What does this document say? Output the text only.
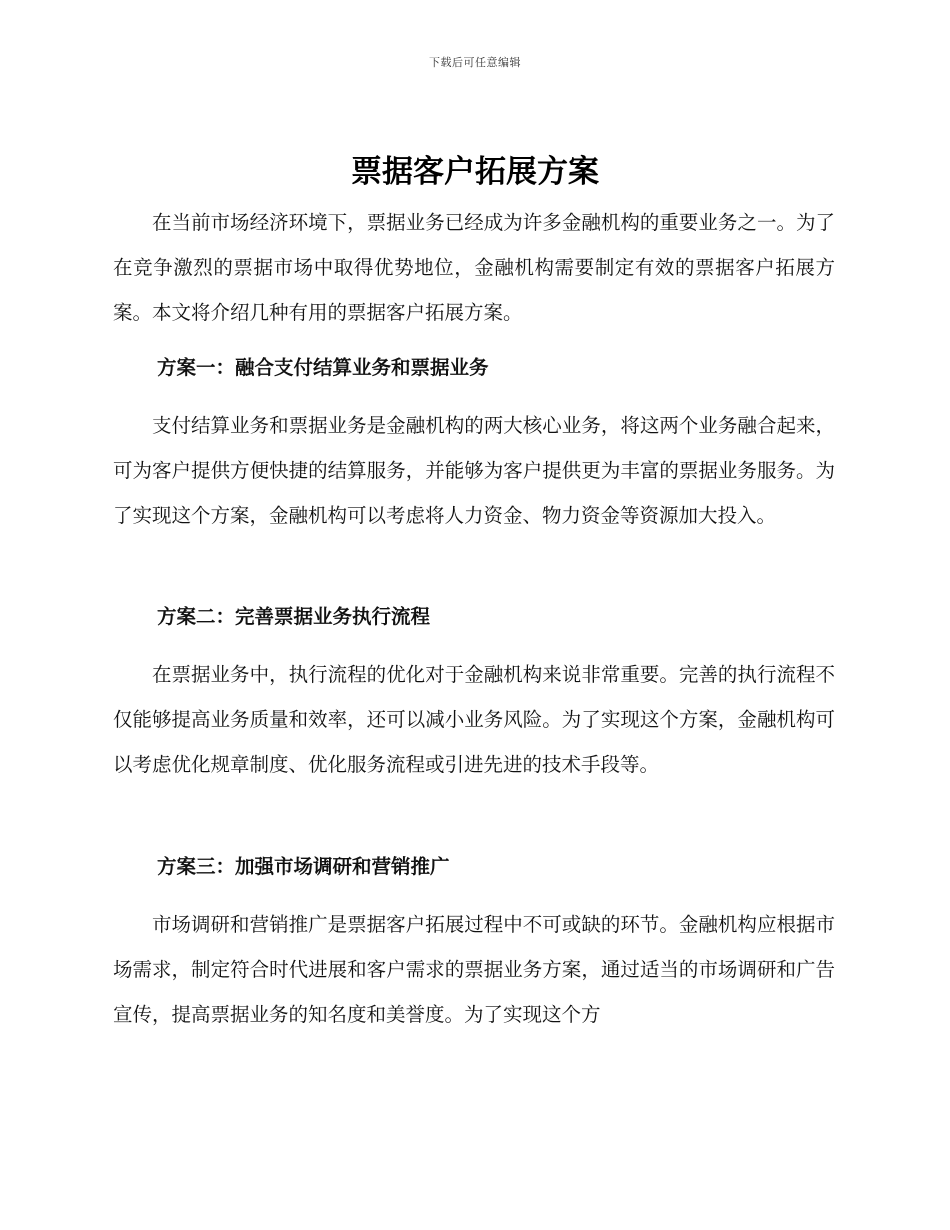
下载后可任意编辑
票据客户拓展方案

在当前市场经济环境下，票据业务已经成为许多金融机构的重要业务之一。为了在竞争激烈的票据市场中取得优势地位，金融机构需要制定有效的票据客户拓展方案。本文将介绍几种有用的票据客户拓展方案。

方案一：融合支付结算业务和票据业务

支付结算业务和票据业务是金融机构的两大核心业务，将这两个业务融合起来，可为客户提供方便快捷的结算服务，并能够为客户提供更为丰富的票据业务服务。为了实现这个方案，金融机构可以考虑将人力资金、物力资金等资源加大投入。

方案二：完善票据业务执行流程

在票据业务中，执行流程的优化对于金融机构来说非常重要。完善的执行流程不仅能够提高业务质量和效率，还可以减小业务风险。为了实现这个方案，金融机构可以考虑优化规章制度、优化服务流程或引进先进的技术手段等。

方案三：加强市场调研和营销推广

市场调研和营销推广是票据客户拓展过程中不可或缺的环节。金融机构应根据市场需求，制定符合时代进展和客户需求的票据业务方案，通过适当的市场调研和广告宣传，提高票据业务的知名度和美誉度。为了实现这个方
